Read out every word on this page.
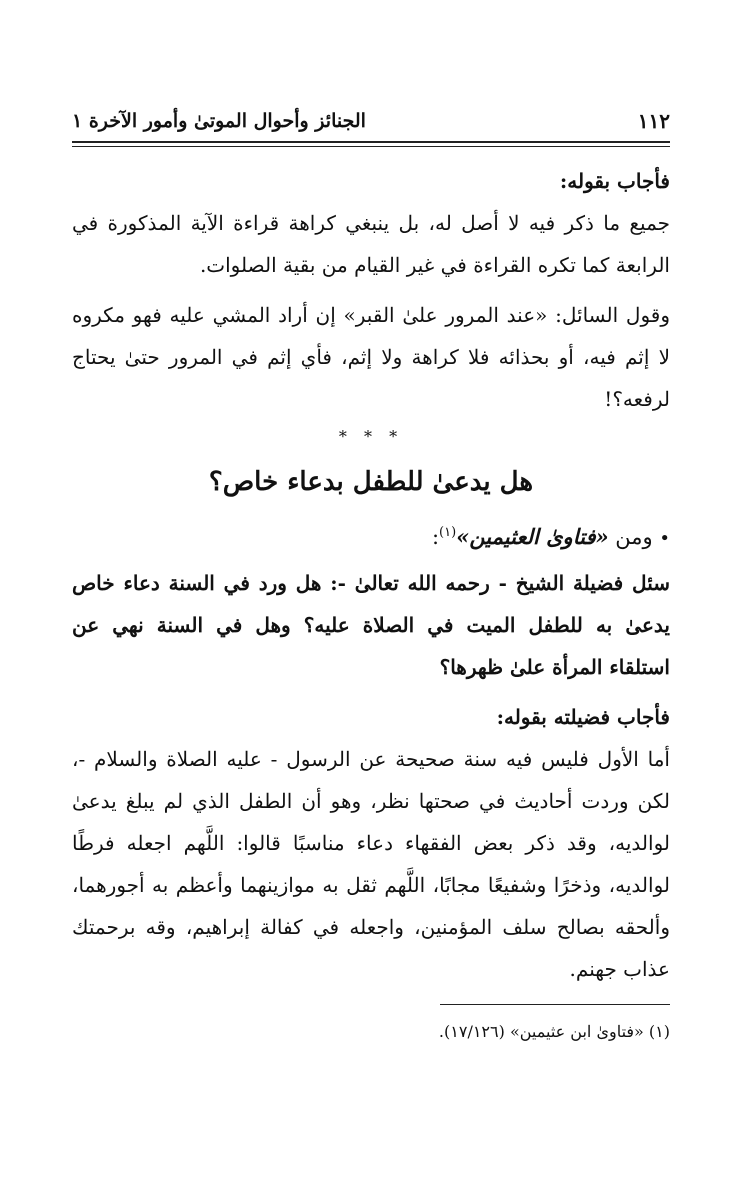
١١٢
الجنائز وأحوال الموتىٰ وأمور الآخرة ١

فأجاب بقوله:

جميع ما ذكر فيه لا أصل له، بل ينبغي كراهة قراءة الآية المذكورة في الرابعة كما تكره القراءة في غير القيام من بقية الصلوات.

وقول السائل: «عند المرور علىٰ القبر» إن أراد المشي عليه فهو مكروه لا إثم فيه، أو بحذائه فلا كراهة ولا إثم، فأي إثم في المرور حتىٰ يحتاج لرفعه؟!

* * *

هل يدعىٰ للطفل بدعاء خاص؟

• ومن «فتاوىٰ العثيمين»$^{(١)}$:

سئل فضيلة الشيخ - رحمه الله تعالىٰ -: هل ورد في السنة دعاء خاص يدعىٰ به للطفل الميت في الصلاة عليه؟ وهل في السنة نهي عن استلقاء المرأة علىٰ ظهرها؟

فأجاب فضيلته بقوله:

أما الأول فليس فيه سنة صحيحة عن الرسول - عليه الصلاة والسلام -، لكن وردت أحاديث في صحتها نظر، وهو أن الطفل الذي لم يبلغ يدعىٰ لوالديه، وقد ذكر بعض الفقهاء دعاء مناسبًا قالوا: اللَّهم اجعله فرطًا لوالديه، وذخرًا وشفيعًا مجابًا، اللَّهم ثقل به موازينهما وأعظم به أجورهما، وألحقه بصالح سلف المؤمنين، واجعله في كفالة إبراهيم، وقه برحمتك عذاب جهنم.

(١) «فتاوىٰ ابن عثيمين» (١٧/١٢٦).
